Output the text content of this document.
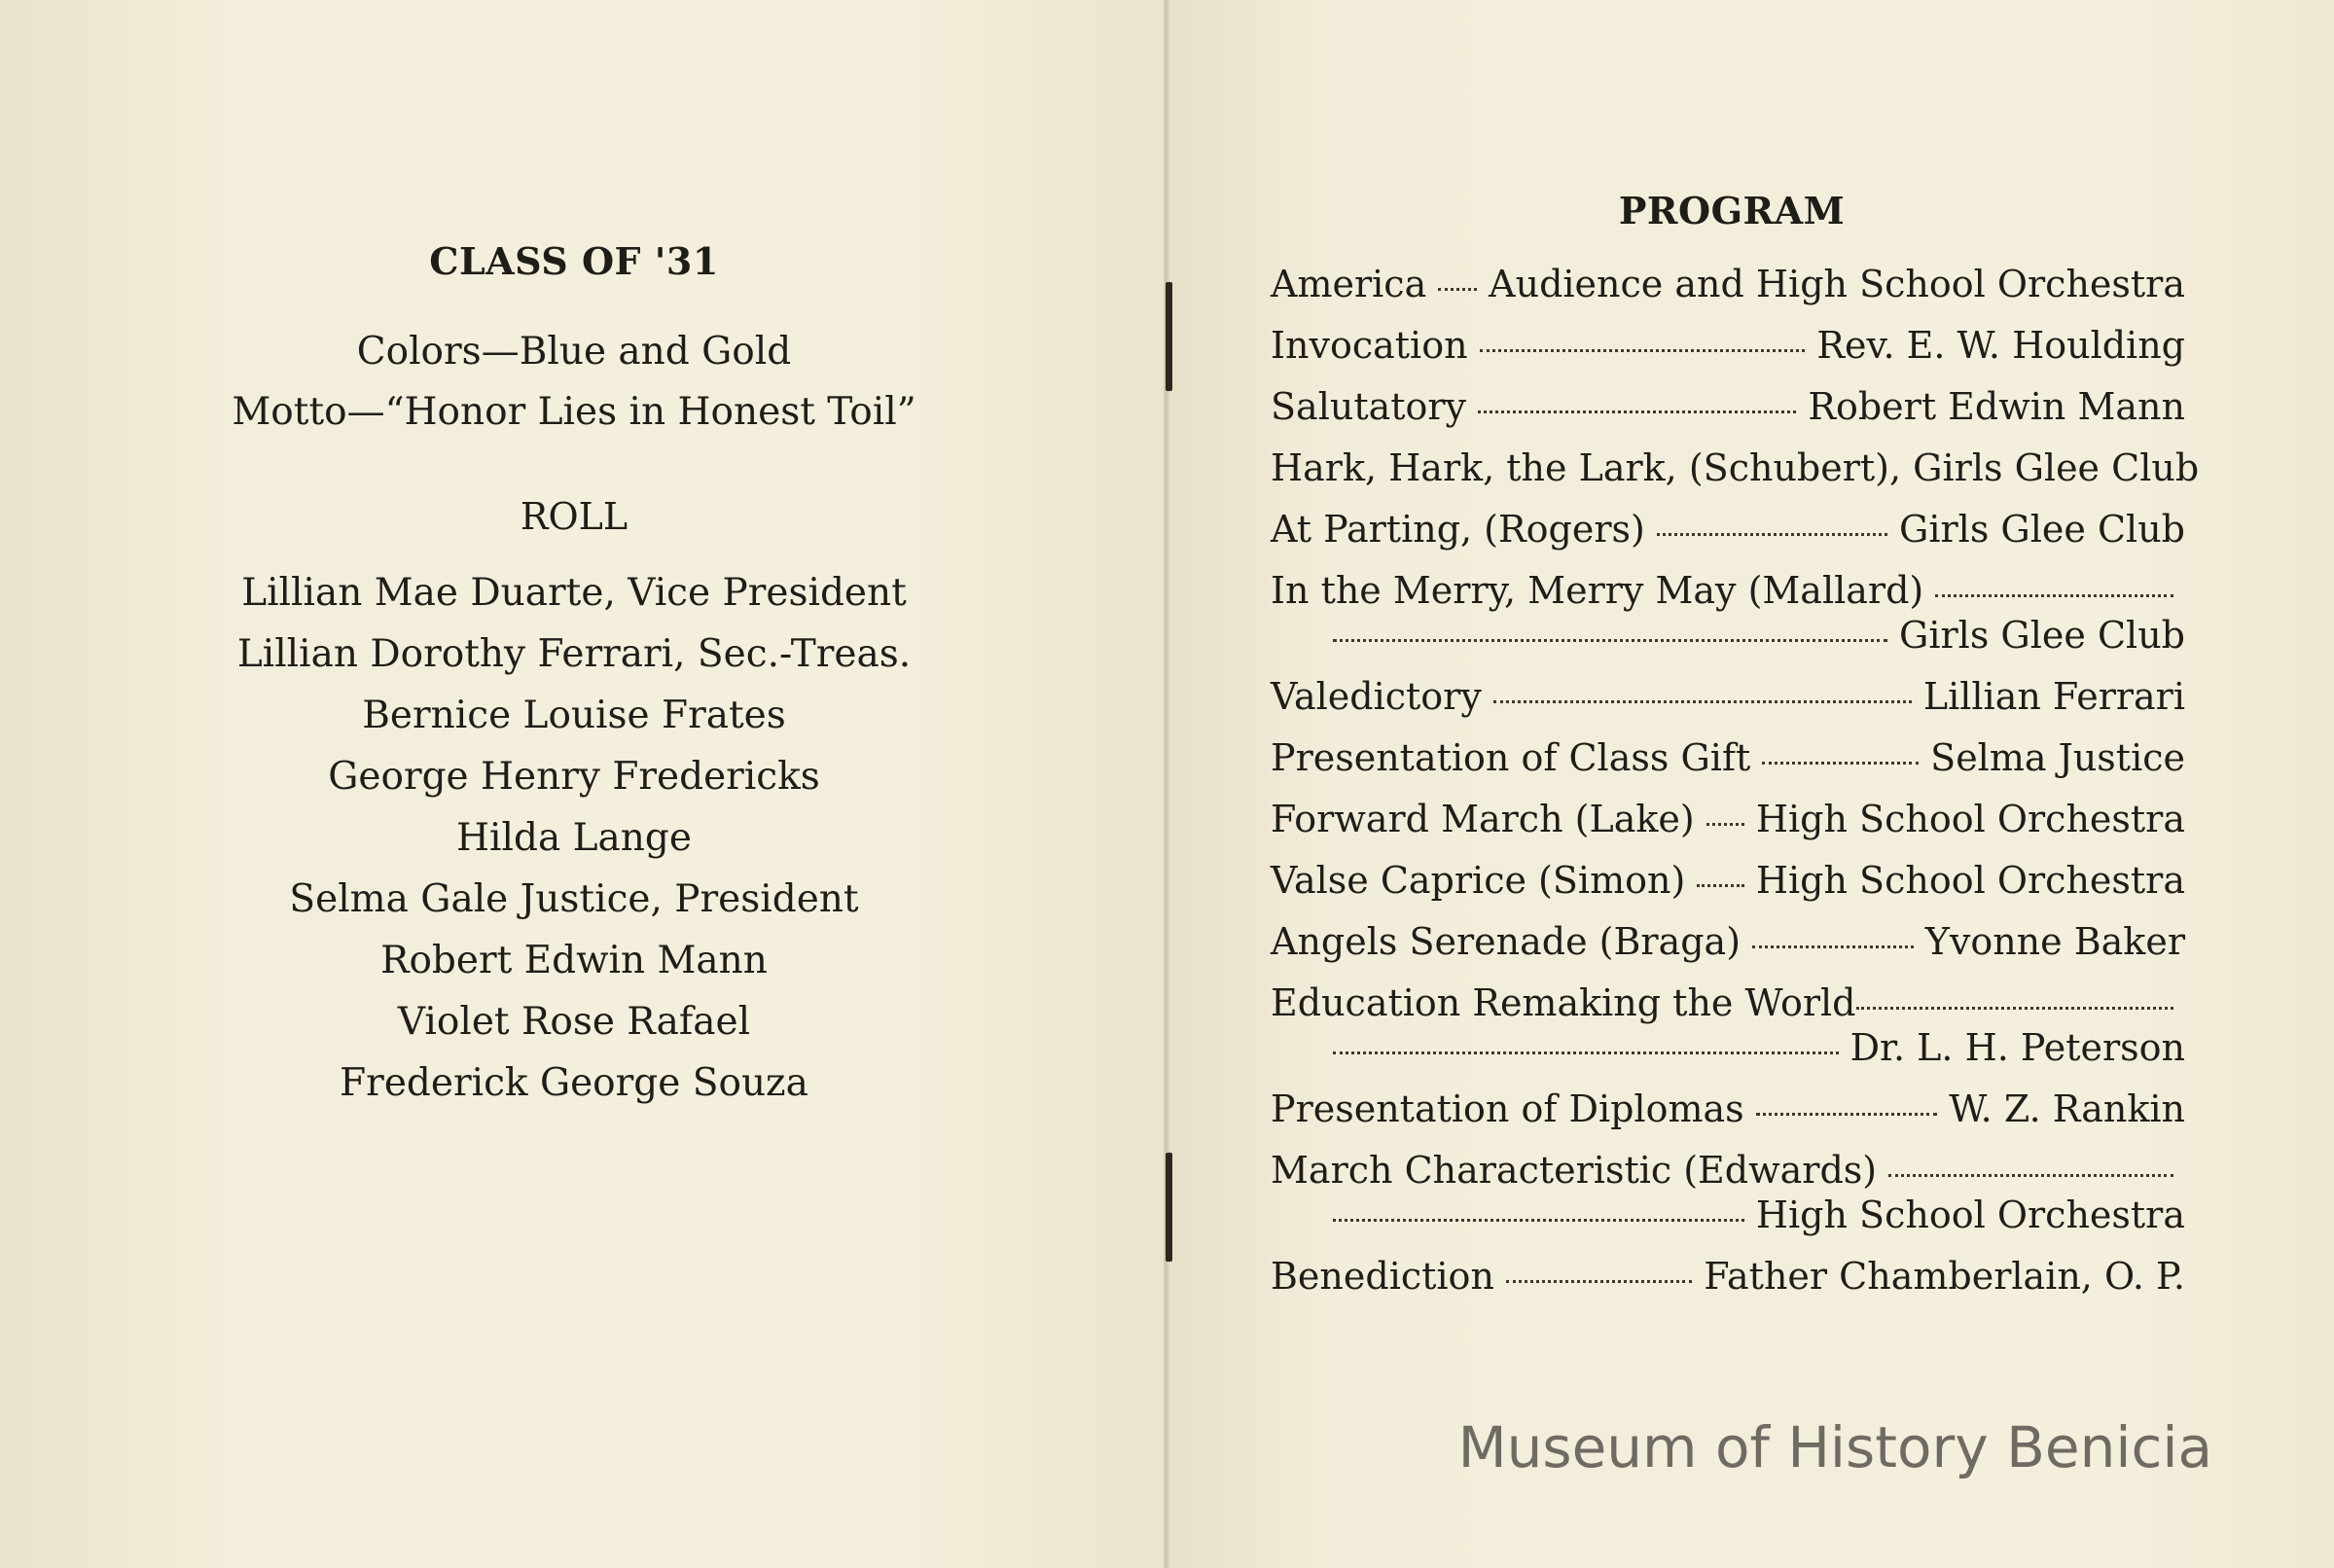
CLASS OF '31
Colors—Blue and Gold
Motto—“Honor Lies in Honest Toil”
ROLL
Lillian Mae Duarte, Vice President
Lillian Dorothy Ferrari, Sec.-Treas.
Bernice Louise Frates
George Henry Fredericks
Hilda Lange
Selma Gale Justice, President
Robert Edwin Mann
Violet Rose Rafael
Frederick George Souza
PROGRAM
America Audience and High School Orchestra
Invocation	Rev. E. W. Houlding
Salutatory	Robert Edwin Mann
Hark, Hark, the Lark, (Schubert), Girls Glee Club
At Parting, (Rogers)	Girls Glee Club
In the Merry, Merry May (Mallard)
Girls Glee Club
Valedictory	Lillian Ferrari
Presentation of Class Gift	Selma Justice
Forward March (Lake) High School Orchestra
Valse Caprice (Simon) High School Orchestra
Angels Serenade (Braga)	Yvonne Baker
Education Remaking the World
Dr. L. H. Peterson
Presentation of Diplomas	W. Z. Rankin
March Characteristic (Edwards)
High School Orchestra
Benediction	Father Chamberlain, O. P.
Museum of History Benicia
